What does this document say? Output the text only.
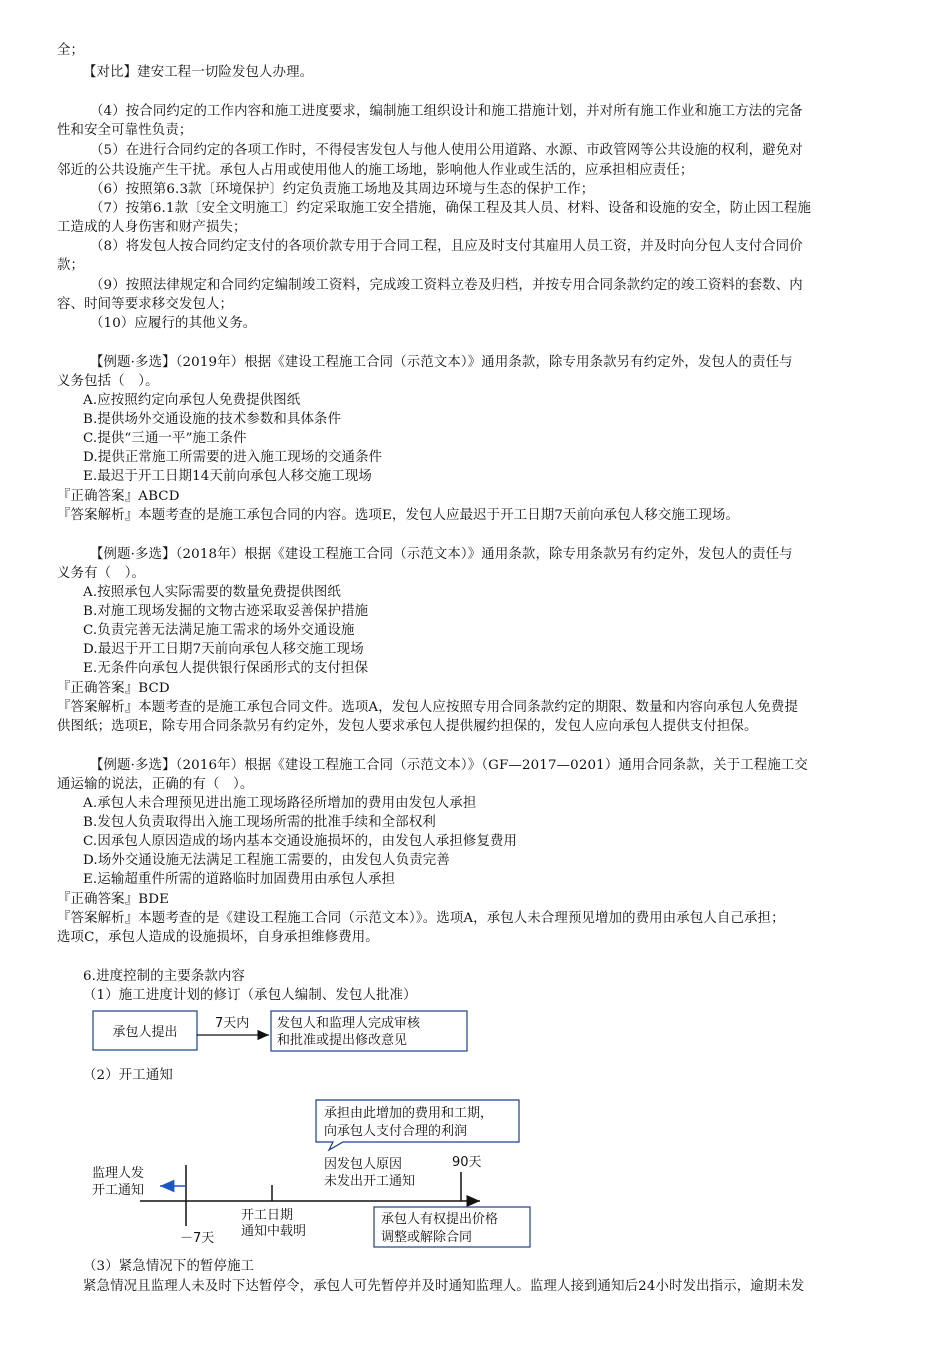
全；
【对比】建安工程一切险发包人办理。
（4）按合同约定的工作内容和施工进度要求，编制施工组织设计和施工措施计划，并对所有施工作业和施工方法的完备
性和安全可靠性负责；
（5）在进行合同约定的各项工作时，不得侵害发包人与他人使用公用道路、水源、市政管网等公共设施的权利，避免对
邻近的公共设施产生干扰。承包人占用或使用他人的施工场地，影响他人作业或生活的，应承担相应责任；
（6）按照第6.3款〔环境保护〕约定负责施工场地及其周边环境与生态的保护工作；
（7）按第6.1款〔安全文明施工〕约定采取施工安全措施，确保工程及其人员、材料、设备和设施的安全，防止因工程施
工造成的人身伤害和财产损失；
（8）将发包人按合同约定支付的各项价款专用于合同工程，且应及时支付其雇用人员工资，并及时向分包人支付合同价
款；
（9）按照法律规定和合同约定编制竣工资料，完成竣工资料立卷及归档，并按专用合同条款约定的竣工资料的套数、内
容、时间等要求移交发包人；
（10）应履行的其他义务。
【例题·多选】（2019年）根据《建设工程施工合同（示范文本）》通用条款，除专用条款另有约定外，发包人的责任与
义务包括（　）。
A.应按照约定向承包人免费提供图纸
B.提供场外交通设施的技术参数和具体条件
C.提供“三通一平”施工条件
D.提供正常施工所需要的进入施工现场的交通条件
E.最迟于开工日期14天前向承包人移交施工现场
『正确答案』ABCD
『答案解析』本题考查的是施工承包合同的内容。选项E，发包人应最迟于开工日期7天前向承包人移交施工现场。
【例题·多选】（2018年）根据《建设工程施工合同（示范文本）》通用条款，除专用条款另有约定外，发包人的责任与
义务有（　）。
A.按照承包人实际需要的数量免费提供图纸
B.对施工现场发掘的文物古迹采取妥善保护措施
C.负责完善无法满足施工需求的场外交通设施
D.最迟于开工日期7天前向承包人移交施工现场
E.无条件向承包人提供银行保函形式的支付担保
『正确答案』BCD
『答案解析』本题考查的是施工承包合同文件。选项A，发包人应按照专用合同条款约定的期限、数量和内容向承包人免费提
供图纸；选项E，除专用合同条款另有约定外，发包人要求承包人提供履约担保的，发包人应向承包人提供支付担保。
【例题·多选】（2016年）根据《建设工程施工合同（示范文本）》（GF—2017—0201）通用合同条款，关于工程施工交
通运输的说法，正确的有（　）。
A.承包人未合理预见进出施工现场路径所增加的费用由发包人承担
B.发包人负责取得出入施工现场所需的批准手续和全部权利
C.因承包人原因造成的场内基本交通设施损坏的，由发包人承担修复费用
D.场外交通设施无法满足工程施工需要的，由发包人负责完善
E.运输超重件所需的道路临时加固费用由承包人承担
『正确答案』BDE
『答案解析』本题考查的是《建设工程施工合同（示范文本）》。选项A，承包人未合理预见增加的费用由承包人自己承担；
选项C，承包人造成的设施损坏，自身承担维修费用。
6.进度控制的主要条款内容
（1）施工进度计划的修订（承包人编制、发包人批准）
（2）开工通知
（3）紧急情况下的暂停施工
紧急情况且监理人未及时下达暂停令，承包人可先暂停并及时通知监理人。监理人接到通知后24小时发出指示，逾期未发
承包人提出
7天内 发包人和监理人完成审核
和批准或提出修改意见
承担由此增加的费用和工期，
向承包人支付合理的利润
监理人发
开工通知
－7天
开工日期
通知中载明
因发包人原因
未发出开工通知
90天
承包人有权提出价格
调整或解除合同
